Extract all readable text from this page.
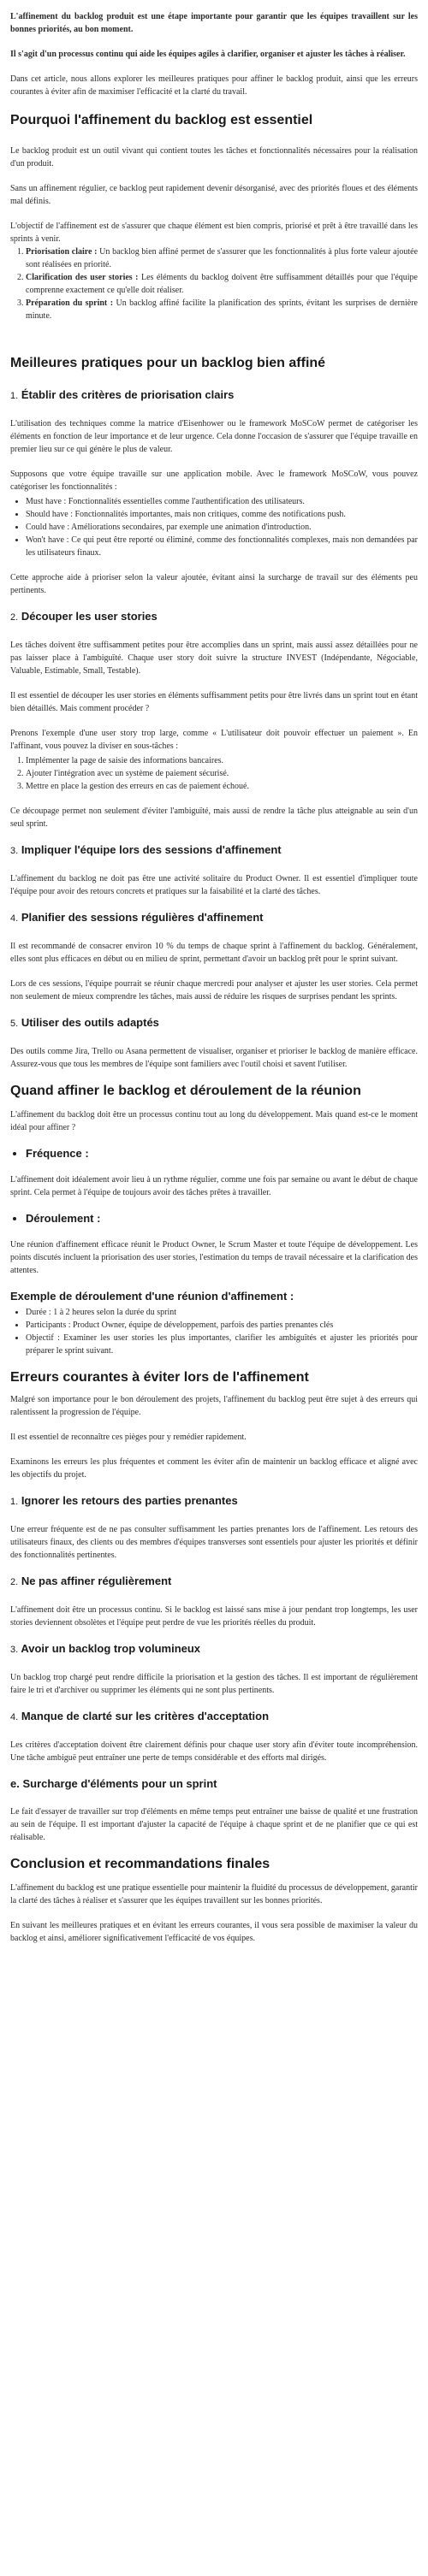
L'affinement du backlog produit est une étape importante pour garantir que les équipes travaillent sur les bonnes priorités, au bon moment.

Il s'agit d'un processus continu qui aide les équipes agiles à clarifier, organiser et ajuster les tâches à réaliser.

Dans cet article, nous allons explorer les meilleures pratiques pour affiner le backlog produit, ainsi que les erreurs courantes à éviter afin de maximiser l'efficacité et la clarté du travail.

Pourquoi l'affinement du backlog est essentiel

Le backlog produit est un outil vivant qui contient toutes les tâches et fonctionnalités nécessaires pour la réalisation d'un produit.

Sans un affinement régulier, ce backlog peut rapidement devenir désorganisé, avec des priorités floues et des éléments mal définis.

L'objectif de l'affinement est de s'assurer que chaque élément est bien compris, priorisé et prêt à être travaillé dans les sprints à venir.

1. Priorisation claire : Un backlog bien affiné permet de s'assurer que les fonctionnalités à plus forte valeur ajoutée sont réalisées en priorité.
2. Clarification des user stories : Les éléments du backlog doivent être suffisamment détaillés pour que l'équipe comprenne exactement ce qu'elle doit réaliser.
3. Préparation du sprint : Un backlog affiné facilite la planification des sprints, évitant les surprises de dernière minute.
Meilleures pratiques pour un backlog bien affiné
1. Établir des critères de priorisation clairs

L'utilisation des techniques comme la matrice d'Eisenhower ou le framework MoSCoW permet de catégoriser les éléments en fonction de leur importance et de leur urgence. Cela donne l'occasion de s'assurer que l'équipe travaille en premier lieu sur ce qui génère le plus de valeur.

Supposons que votre équipe travaille sur une application mobile. Avec le framework MoSCoW, vous pouvez catégoriser les fonctionnalités :

• Must have : Fonctionnalités essentielles comme l'authentification des utilisateurs.
• Should have : Fonctionnalités importantes, mais non critiques, comme des notifications push.
• Could have : Améliorations secondaires, par exemple une animation d'introduction.
• Won't have : Ce qui peut être reporté ou éliminé, comme des fonctionnalités complexes, mais non demandées par les utilisateurs finaux.

Cette approche aide à prioriser selon la valeur ajoutée, évitant ainsi la surcharge de travail sur des éléments peu pertinents.

2. Découper les user stories

Les tâches doivent être suffisamment petites pour être accomplies dans un sprint, mais aussi assez détaillées pour ne pas laisser place à l'ambiguïté. Chaque user story doit suivre la structure INVEST (Indépendante, Négociable, Valuable, Estimable, Small, Testable).

Il est essentiel de découper les user stories en éléments suffisamment petits pour être livrés dans un sprint tout en étant bien détaillés. Mais comment procéder ?

Prenons l'exemple d'une user story trop large, comme « L'utilisateur doit pouvoir effectuer un paiement ». En l'affinant, vous pouvez la diviser en sous-tâches :

1. Implémenter la page de saisie des informations bancaires.
2. Ajouter l'intégration avec un système de paiement sécurisé.
3. Mettre en place la gestion des erreurs en cas de paiement échoué.

Ce découpage permet non seulement d'éviter l'ambiguïté, mais aussi de rendre la tâche plus atteignable au sein d'un seul sprint.

3. Impliquer l'équipe lors des sessions d'affinement

L'affinement du backlog ne doit pas être une activité solitaire du Product Owner. Il est essentiel d'impliquer toute l'équipe pour avoir des retours concrets et pratiques sur la faisabilité et la clarté des tâches.

4. Planifier des sessions régulières d'affinement

Il est recommandé de consacrer environ 10 % du temps de chaque sprint à l'affinement du backlog. Généralement, elles sont plus efficaces en début ou en milieu de sprint, permettant d'avoir un backlog prêt pour le sprint suivant.

Lors de ces sessions, l'équipe pourrait se réunir chaque mercredi pour analyser et ajuster les user stories. Cela permet non seulement de mieux comprendre les tâches, mais aussi de réduire les risques de surprises pendant les sprints.

5. Utiliser des outils adaptés

Des outils comme Jira, Trello ou Asana permettent de visualiser, organiser et prioriser le backlog de manière efficace. Assurez-vous que tous les membres de l'équipe sont familiers avec l'outil choisi et savent l'utiliser.

Quand affiner le backlog et déroulement de la réunion

L'affinement du backlog doit être un processus continu tout au long du développement. Mais quand est-ce le moment idéal pour affiner ?

• Fréquence :

L'affinement doit idéalement avoir lieu à un rythme régulier, comme une fois par semaine ou avant le début de chaque sprint. Cela permet à l'équipe de toujours avoir des tâches prêtes à travailler.

• Déroulement :

Une réunion d'affinement efficace réunit le Product Owner, le Scrum Master et toute l'équipe de développement. Les points discutés incluent la priorisation des user stories, l'estimation du temps de travail nécessaire et la clarification des attentes.

Exemple de déroulement d'une réunion d'affinement :
• Durée : 1 à 2 heures selon la durée du sprint
• Participants : Product Owner, équipe de développement, parfois des parties prenantes clés
• Objectif : Examiner les user stories les plus importantes, clarifier les ambiguïtés et ajuster les priorités pour préparer le sprint suivant.
Erreurs courantes à éviter lors de l'affinement

Malgré son importance pour le bon déroulement des projets, l'affinement du backlog peut être sujet à des erreurs qui ralentissent la progression de l'équipe.

Il est essentiel de reconnaître ces pièges pour y remédier rapidement.

Examinons les erreurs les plus fréquentes et comment les éviter afin de maintenir un backlog efficace et aligné avec les objectifs du projet.

1. Ignorer les retours des parties prenantes

Une erreur fréquente est de ne pas consulter suffisamment les parties prenantes lors de l'affinement. Les retours des utilisateurs finaux, des clients ou des membres d'équipes transverses sont essentiels pour ajuster les priorités et définir des fonctionnalités pertinentes.

2. Ne pas affiner régulièrement

L'affinement doit être un processus continu. Si le backlog est laissé sans mise à jour pendant trop longtemps, les user stories deviennent obsolètes et l'équipe peut perdre de vue les priorités réelles du produit.

3. Avoir un backlog trop volumineux

Un backlog trop chargé peut rendre difficile la priorisation et la gestion des tâches. Il est important de régulièrement faire le tri et d'archiver ou supprimer les éléments qui ne sont plus pertinents.

4. Manque de clarté sur les critères d'acceptation

Les critères d'acceptation doivent être clairement définis pour chaque user story afin d'éviter toute incompréhension. Une tâche ambiguë peut entraîner une perte de temps considérable et des efforts mal dirigés.

e. Surcharge d'éléments pour un sprint

Le fait d'essayer de travailler sur trop d'éléments en même temps peut entraîner une baisse de qualité et une frustration au sein de l'équipe. Il est important d'ajuster la capacité de l'équipe à chaque sprint et de ne planifier que ce qui est réalisable.

Conclusion et recommandations finales

L'affinement du backlog est une pratique essentielle pour maintenir la fluidité du processus de développement, garantir la clarté des tâches à réaliser et s'assurer que les équipes travaillent sur les bonnes priorités.

En suivant les meilleures pratiques et en évitant les erreurs courantes, il vous sera possible de maximiser la valeur du backlog et ainsi, améliorer significativement l'efficacité de vos équipes.
